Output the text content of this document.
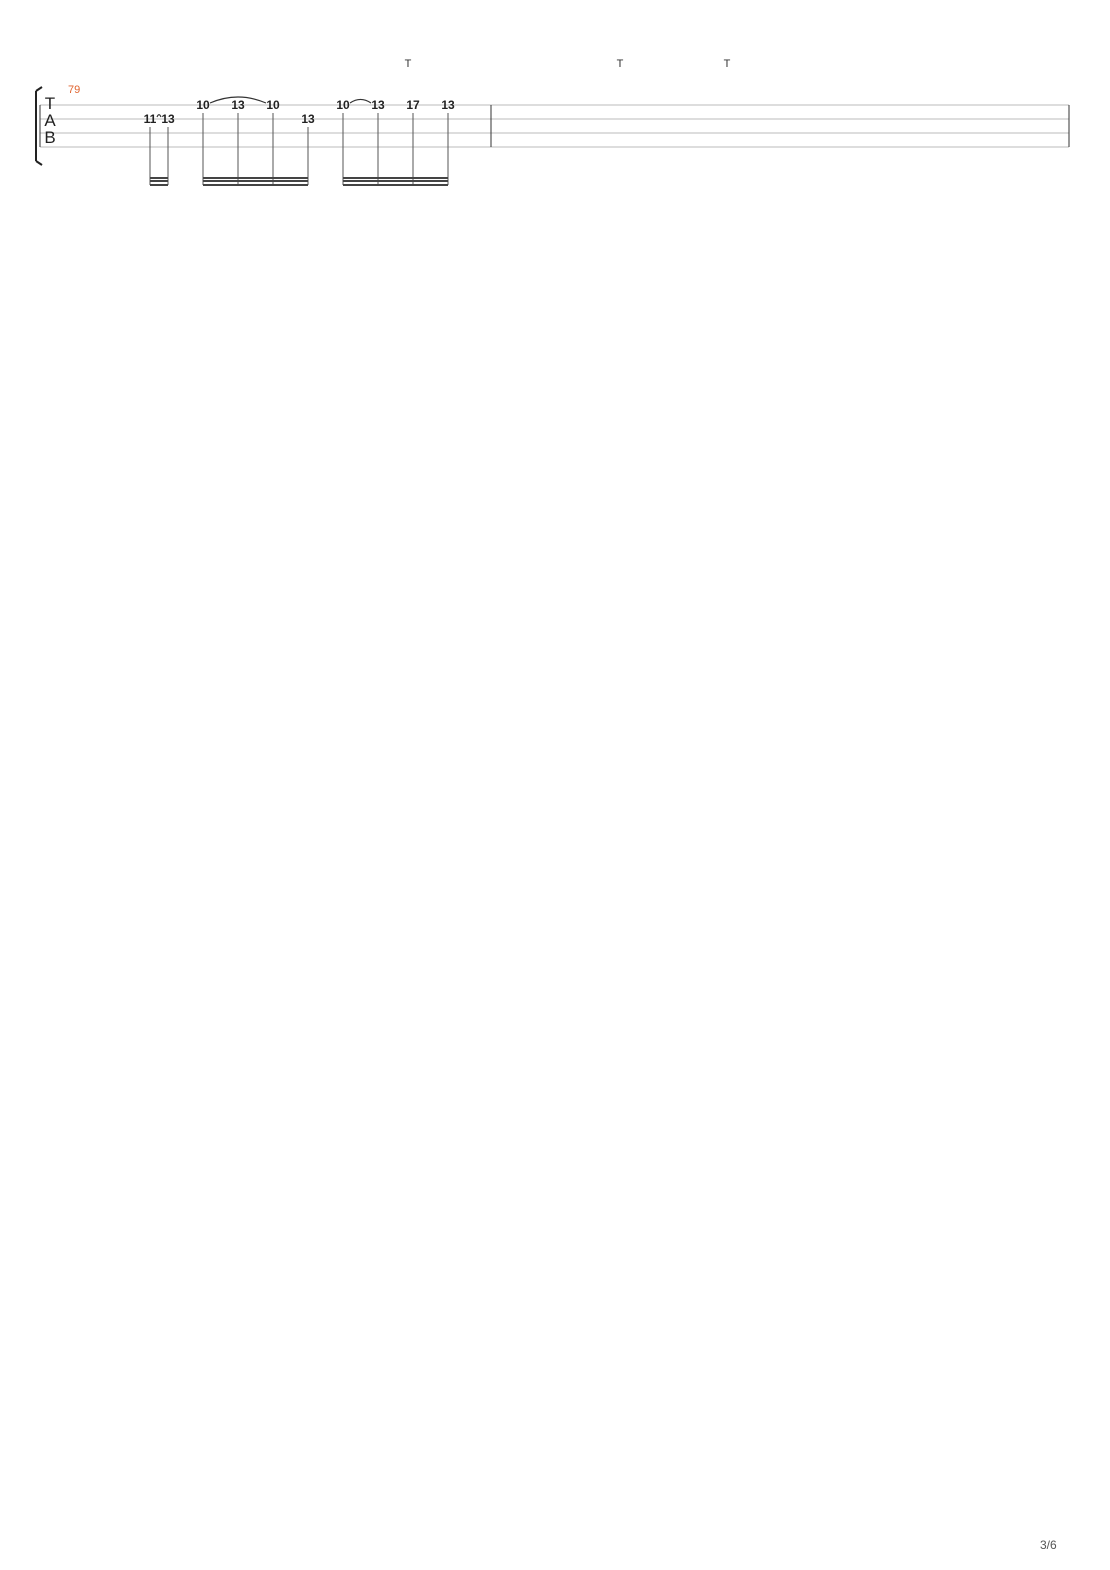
T
A
B
T	T	T
79
11 13
10 13 10
13
10 13 17 13
3/6
